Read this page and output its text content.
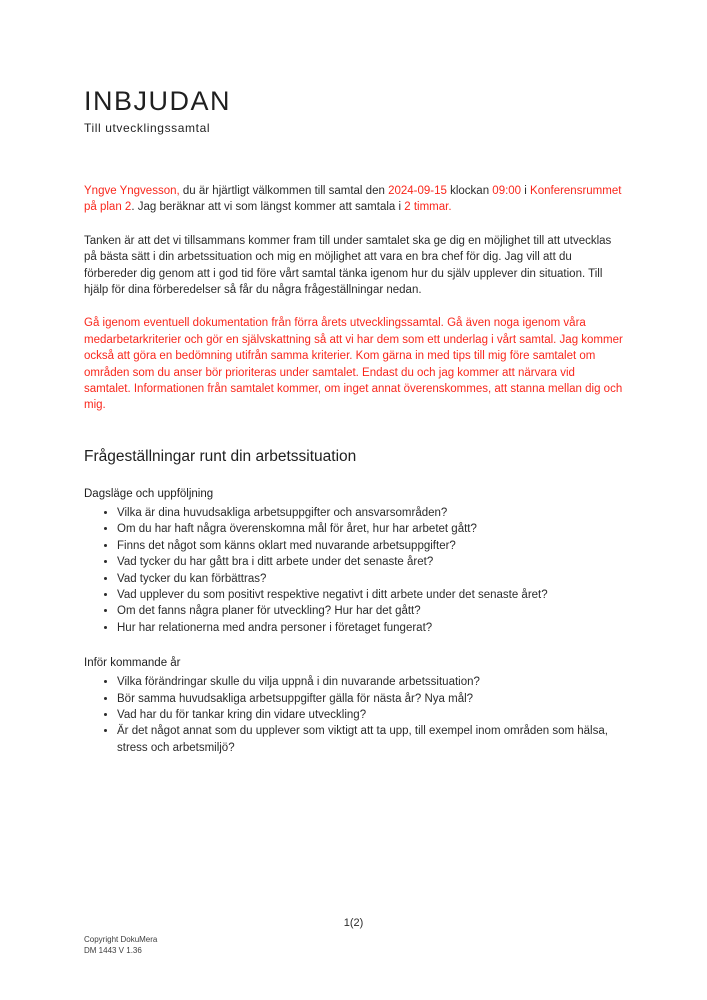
INBJUDAN
Till utvecklingssamtal

Yngve Yngvesson, du är hjärtligt välkommen till samtal den 2024-09-15 klockan 09:00 i Konferensrummet på plan 2. Jag beräknar att vi som längst kommer att samtala i 2 timmar.

Tanken är att det vi tillsammans kommer fram till under samtalet ska ge dig en möjlighet till att utvecklas på bästa sätt i din arbetssituation och mig en möjlighet att vara en bra chef för dig. Jag vill att du förbereder dig genom att i god tid före vårt samtal tänka igenom hur du själv upplever din situation. Till hjälp för dina förberedelser så får du några frågeställningar nedan.

Gå igenom eventuell dokumentation från förra årets utvecklingssamtal. Gå även noga igenom våra medarbetarkriterier och gör en självskattning så att vi har dem som ett underlag i vårt samtal. Jag kommer också att göra en bedömning utifrån samma kriterier. Kom gärna in med tips till mig före samtalet om områden som du anser bör prioriteras under samtalet. Endast du och jag kommer att närvara vid samtalet. Informationen från samtalet kommer, om inget annat överenskommes, att stanna mellan dig och mig.

Frågeställningar runt din arbetssituation
Dagsläge och uppföljning
• Vilka är dina huvudsakliga arbetsuppgifter och ansvarsområden?
• Om du har haft några överenskomna mål för året, hur har arbetet gått?
• Finns det något som känns oklart med nuvarande arbetsuppgifter?
• Vad tycker du har gått bra i ditt arbete under det senaste året?
• Vad tycker du kan förbättras?
• Vad upplever du som positivt respektive negativt i ditt arbete under det senaste året?
• Om det fanns några planer för utveckling? Hur har det gått?
• Hur har relationerna med andra personer i företaget fungerat?
Inför kommande år
• Vilka förändringar skulle du vilja uppnå i din nuvarande arbetssituation?
• Bör samma huvudsakliga arbetsuppgifter gälla för nästa år? Nya mål?
• Vad har du för tankar kring din vidare utveckling?
• Är det något annat som du upplever som viktigt att ta upp, till exempel inom områden som hälsa, stress och arbetsmiljö?
1(2)
Copyright DokuMera
DM 1443 V 1.36
